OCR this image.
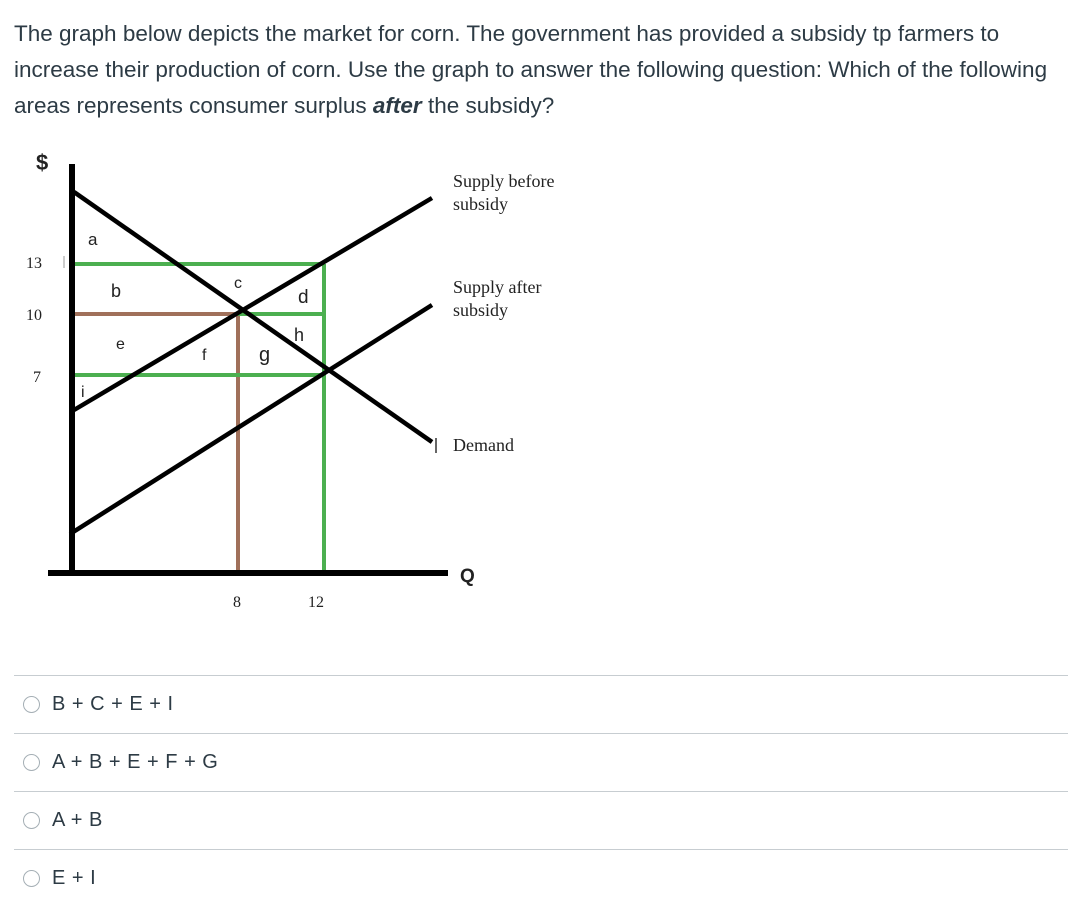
The graph below depicts the market for corn. The government has provided a subsidy tp farmers to increase their production of corn. Use the graph to answer the following question: Which of the following areas represents consumer surplus after the subsidy?
$
Q
13
10
7
8	12
Supply before subsidy
Supply after subsidy
Demand
a
b	c
d
e
f	g
h
i
B + C + E + I
A + B + E + F + G
A + B
E + I
